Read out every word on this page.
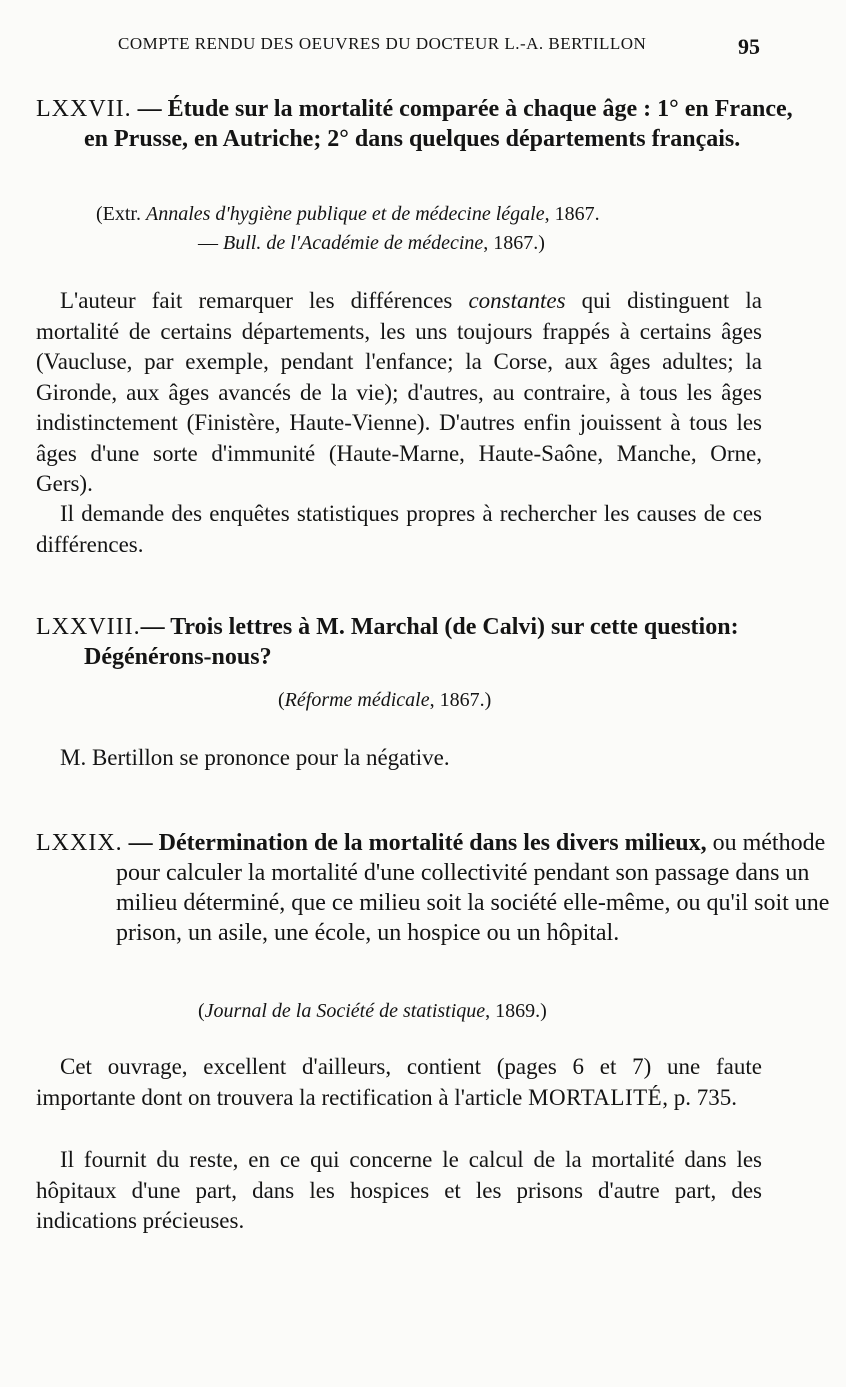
COMPTE RENDU DES OEUVRES DU DOCTEUR L.-A. BERTILLON	95

LXXVII. — Étude sur la mortalité comparée à chaque âge : 1° en France, en Prusse, en Autriche; 2° dans quelques départements français.

(Extr. Annales d'hygiène publique et de médecine légale, 1867.

— Bull. de l'Académie de médecine, 1867.)

L'auteur fait remarquer les différences constantes qui distinguent la mortalité de certains départements, les uns toujours frappés à certains âges (Vaucluse, par exemple, pendant l'enfance; la Corse, aux âges adultes; la Gironde, aux âges avancés de la vie); d'autres, au contraire, à tous les âges indistinctement (Finistère, Haute-Vienne). D'autres enfin jouissent à tous les âges d'une sorte d'immunité (Haute-Marne, Haute-Saône, Manche, Orne, Gers).

Il demande des enquêtes statistiques propres à rechercher les causes de ces différences.

LXXVIII.— Trois lettres à M. Marchal (de Calvi) sur cette question: Dégénérons-nous?

(Réforme médicale, 1867.)

M. Bertillon se prononce pour la négative.

LXXIX. — Détermination de la mortalité dans les divers milieux, ou méthode pour calculer la mortalité d'une collectivité pendant son passage dans un milieu déterminé, que ce milieu soit la société elle-même, ou qu'il soit une prison, un asile, une école, un hospice ou un hôpital.

(Journal de la Société de statistique, 1869.)

Cet ouvrage, excellent d'ailleurs, contient (pages 6 et 7) une faute importante dont on trouvera la rectification à l'article MORTALITÉ, p. 735.

Il fournit du reste, en ce qui concerne le calcul de la mortalité dans les hôpitaux d'une part, dans les hospices et les prisons d'autre part, des indications précieuses.
